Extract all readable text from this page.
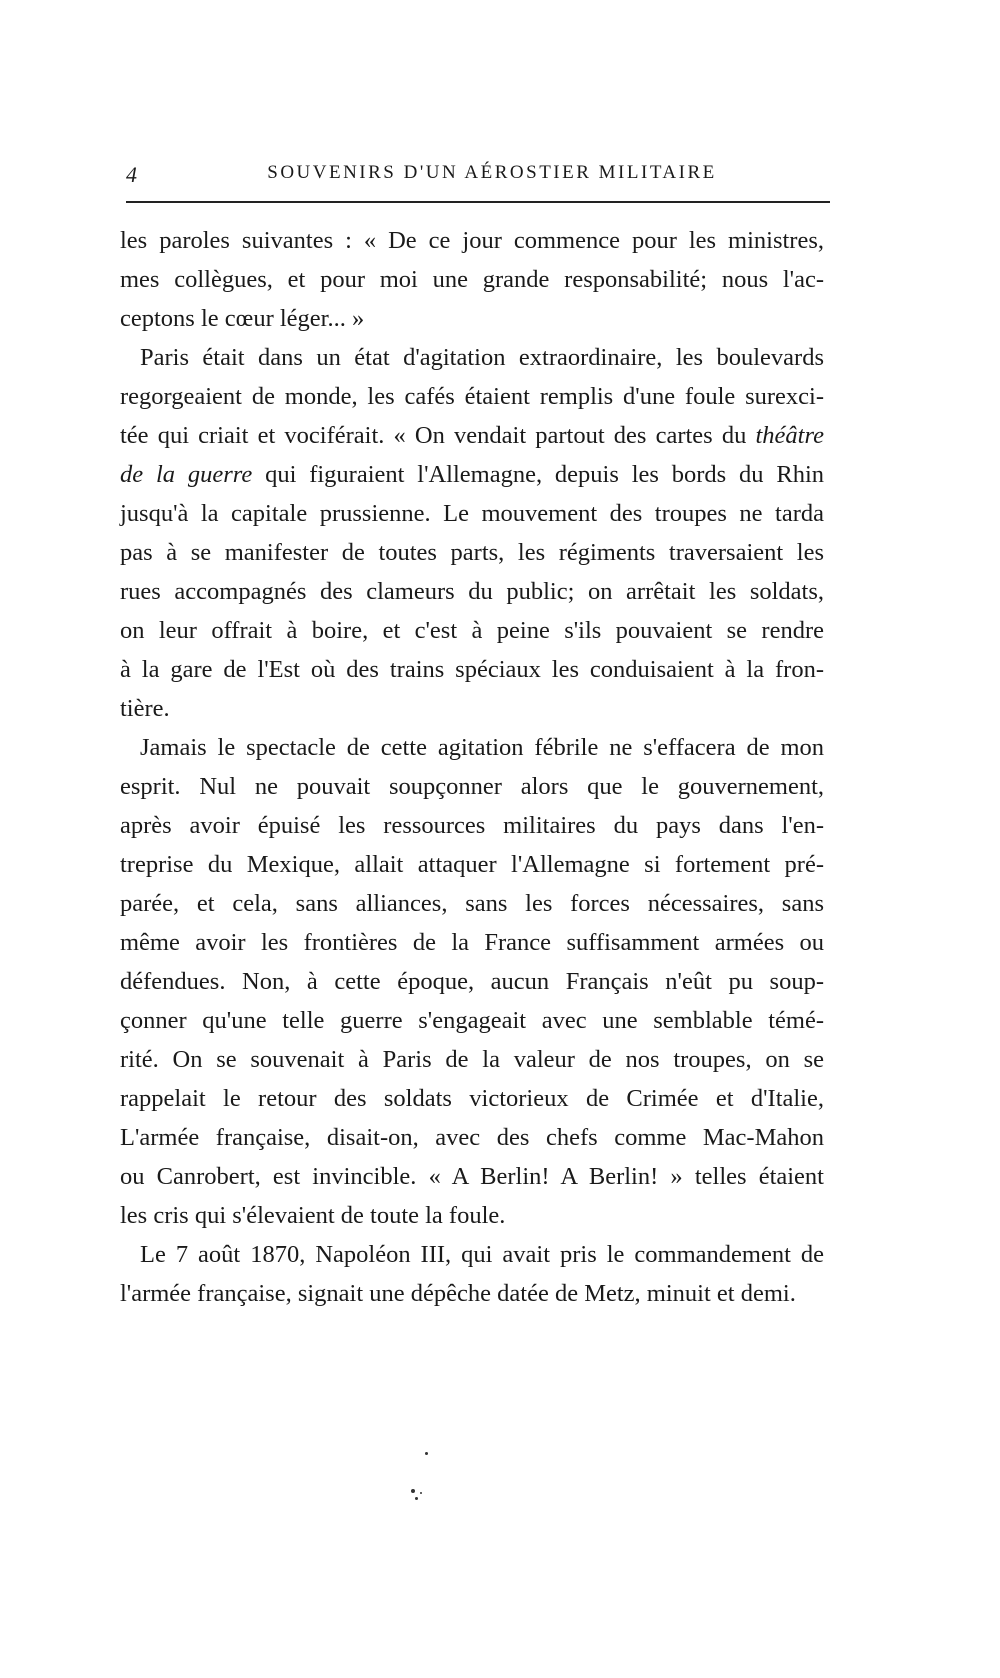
4	SOUVENIRS D'UN AÉROSTIER MILITAIRE
les paroles suivantes : « De ce jour commence pour les ministres,
mes collègues, et pour moi une grande responsabilité; nous l'ac-
ceptons le cœur léger... »
Paris était dans un état d'agitation extraordinaire, les boulevards
regorgeaient de monde, les cafés étaient remplis d'une foule surexci-
tée qui criait et vociférait. « On vendait partout des cartes du théâtre
de la guerre qui figuraient l'Allemagne, depuis les bords du Rhin
jusqu'à la capitale prussienne. Le mouvement des troupes ne tarda
pas à se manifester de toutes parts, les régiments traversaient les
rues accompagnés des clameurs du public; on arrêtait les soldats,
on leur offrait à boire, et c'est à peine s'ils pouvaient se rendre
à la gare de l'Est où des trains spéciaux les conduisaient à la fron-
tière.
Jamais le spectacle de cette agitation fébrile ne s'effacera de mon
esprit. Nul ne pouvait soupçonner alors que le gouvernement,
après avoir épuisé les ressources militaires du pays dans l'en-
treprise du Mexique, allait attaquer l'Allemagne si fortement pré-
parée, et cela, sans alliances, sans les forces nécessaires, sans
même avoir les frontières de la France suffisamment armées ou
défendues. Non, à cette époque, aucun Français n'eût pu soup-
çonner qu'une telle guerre s'engageait avec une semblable témé-
rité. On se souvenait à Paris de la valeur de nos troupes, on se
rappelait le retour des soldats victorieux de Crimée et d'Italie,
L'armée française, disait-on, avec des chefs comme Mac-Mahon
ou Canrobert, est invincible. « A Berlin! A Berlin! » telles étaient
les cris qui s'élevaient de toute la foule.
Le 7 août 1870, Napoléon III, qui avait pris le commandement de
l'armée française, signait une dépêche datée de Metz, minuit et demi.
